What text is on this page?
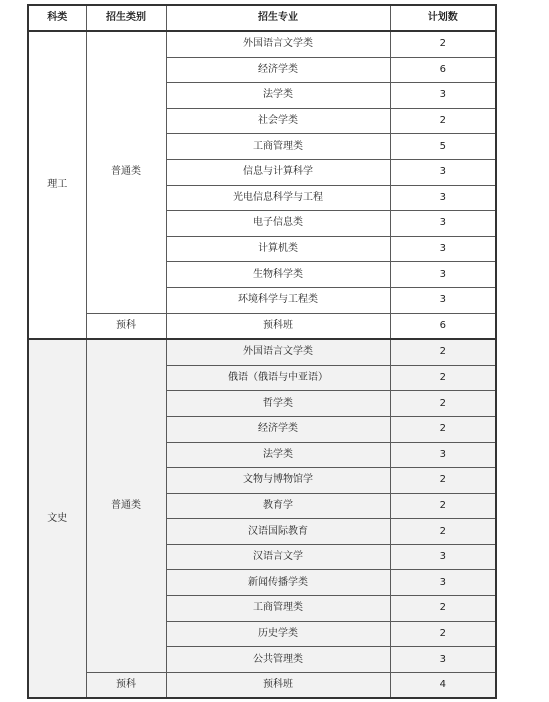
科类	招生类别	招生专业	计划数
理工	普通类	外国语言文学类	2
		经济学类	6
		法学类	3
		社会学类	2
		工商管理类	5
		信息与计算科学	3
		光电信息科学与工程	3
		电子信息类	3
		计算机类	3
		生物科学类	3
		环境科学与工程类	3
	预科	预科班	6
文史	普通类	外国语言文学类	2
		俄语（俄语与中亚语）	2
		哲学类	2
		经济学类	2
		法学类	3
		文物与博物馆学	2
		教育学	2
		汉语国际教育	2
		汉语言文学	3
		新闻传播学类	3
		工商管理类	2
		历史学类	2
		公共管理类	3
	预科	预科班	4
